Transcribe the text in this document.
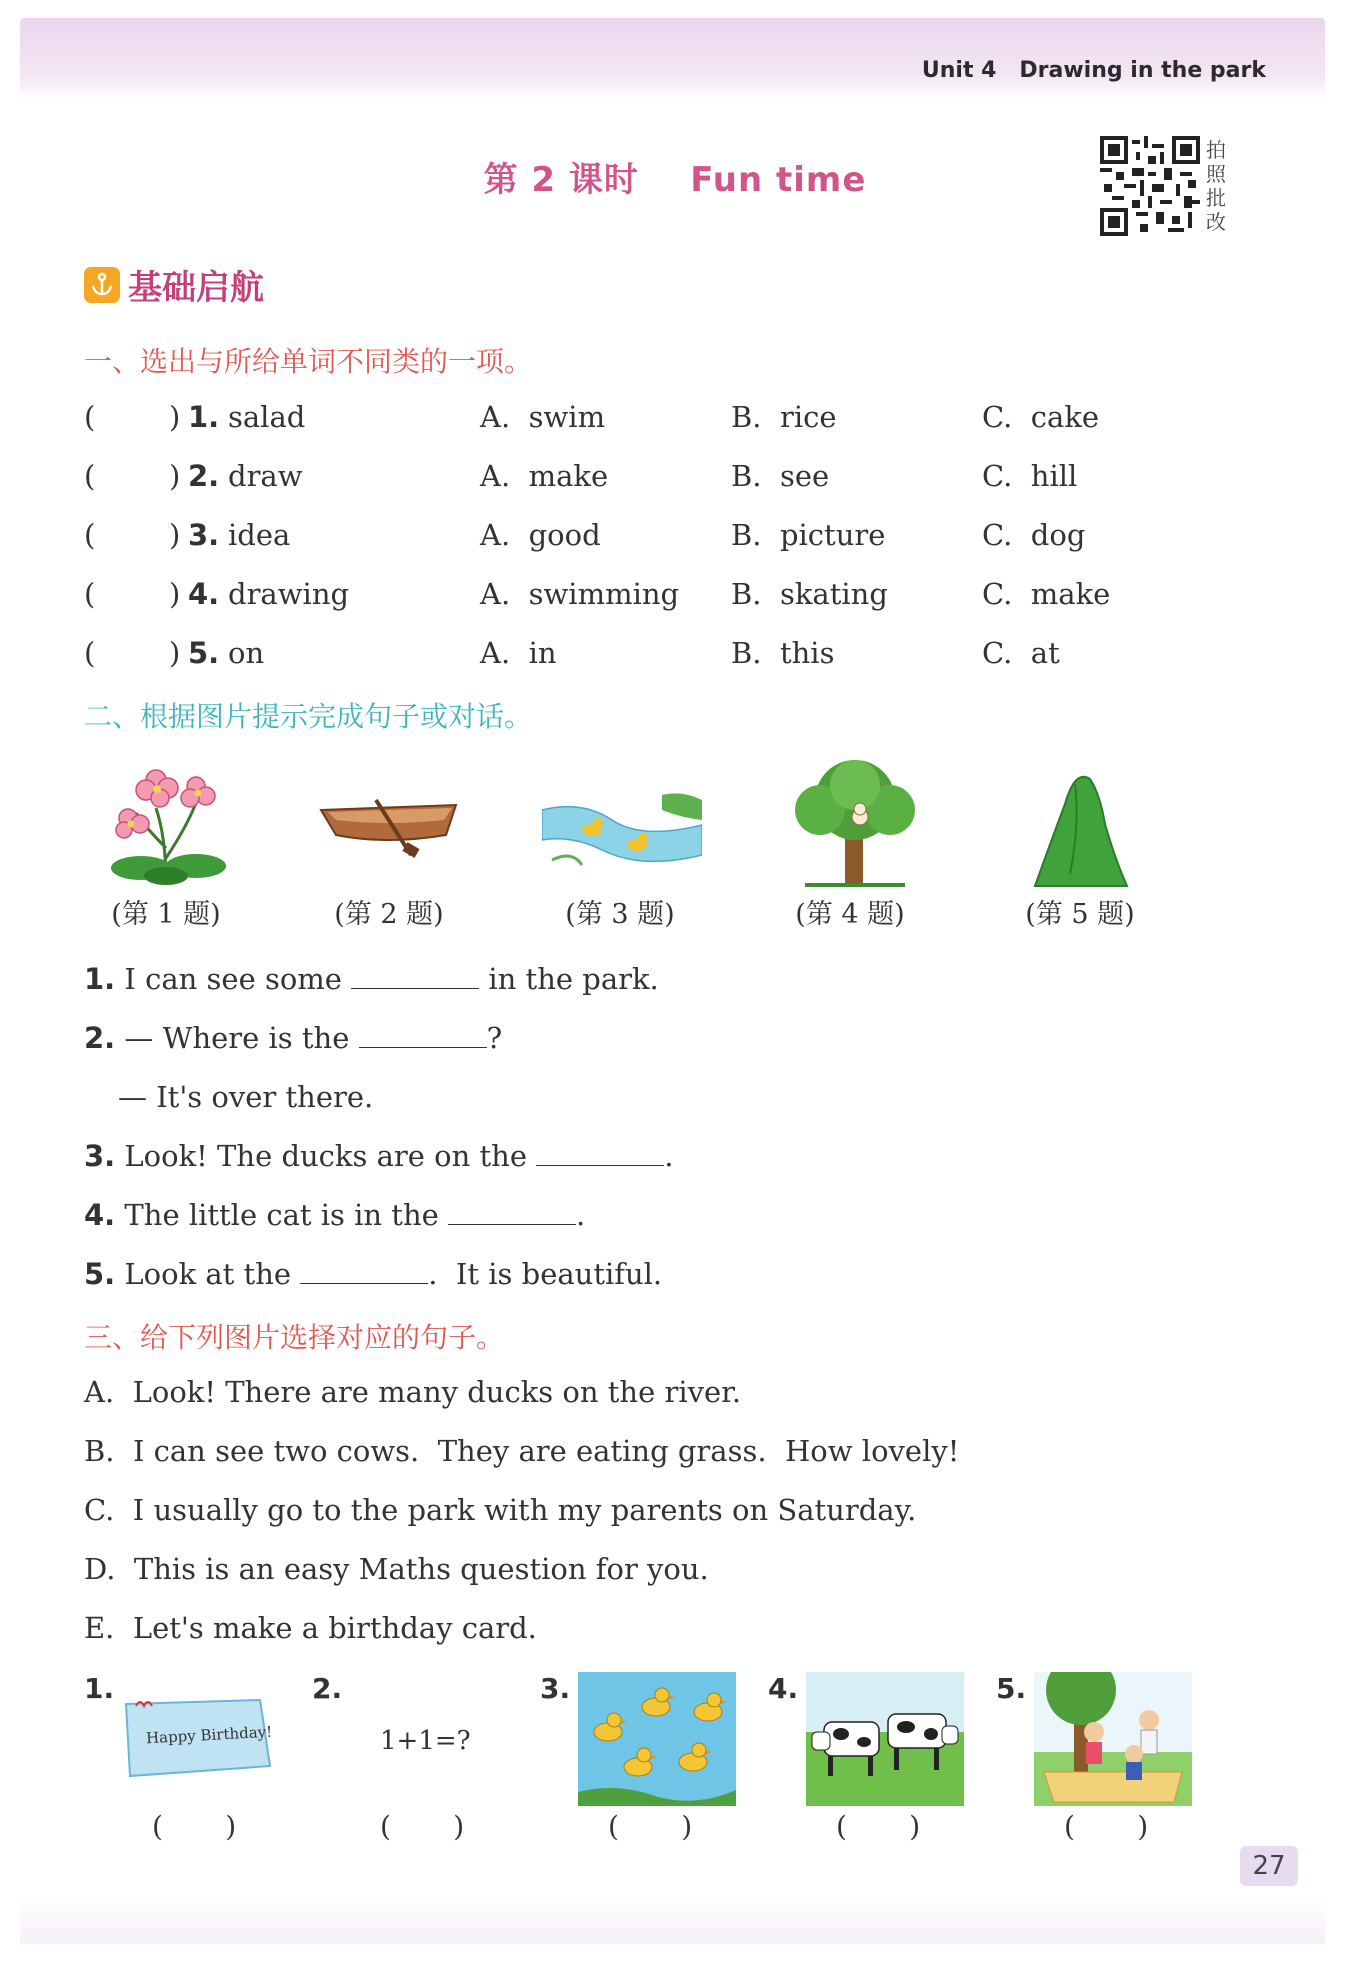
Unit 4   Drawing in the park
第 2 课时    Fun time
拍照批改
基础启航
一、选出与所给单词不同类的一项。
(        ) 1. salad	A.  swim	B.  rice	C.  cake
(        ) 2. draw	A.  make	B.  see	C.  hill
(        ) 3. idea	A.  good	B.  picture	C.  dog
(        ) 4. drawing	A.  swimming B.  skating	C.  make
(        ) 5. on	A.  in	B.  this	C.  at
二、根据图片提示完成句子或对话。
(第 1 题)	(第 2 题)	(第 3 题)	(第 4 题)	(第 5 题)
1. I can see some	in the park.
2. — Where is the	?
— It's over there.
3. Look! The ducks are on the	.
4. The little cat is in the	.
5. Look at the	.  It is beautiful.
三、给下列图片选择对应的句子。
A.  Look! There are many ducks on the river.
B.  I can see two cows.  They are eating grass.  How lovely!
C.  I usually go to the park with my parents on Saturday.
D.  This is an easy Maths question for you.
E.  Let's make a birthday card.
1.	2.	3.	4.	5.
Happy Birthday!	1+1=?
(       )	(       )	(       )	(       )	(       )
27
